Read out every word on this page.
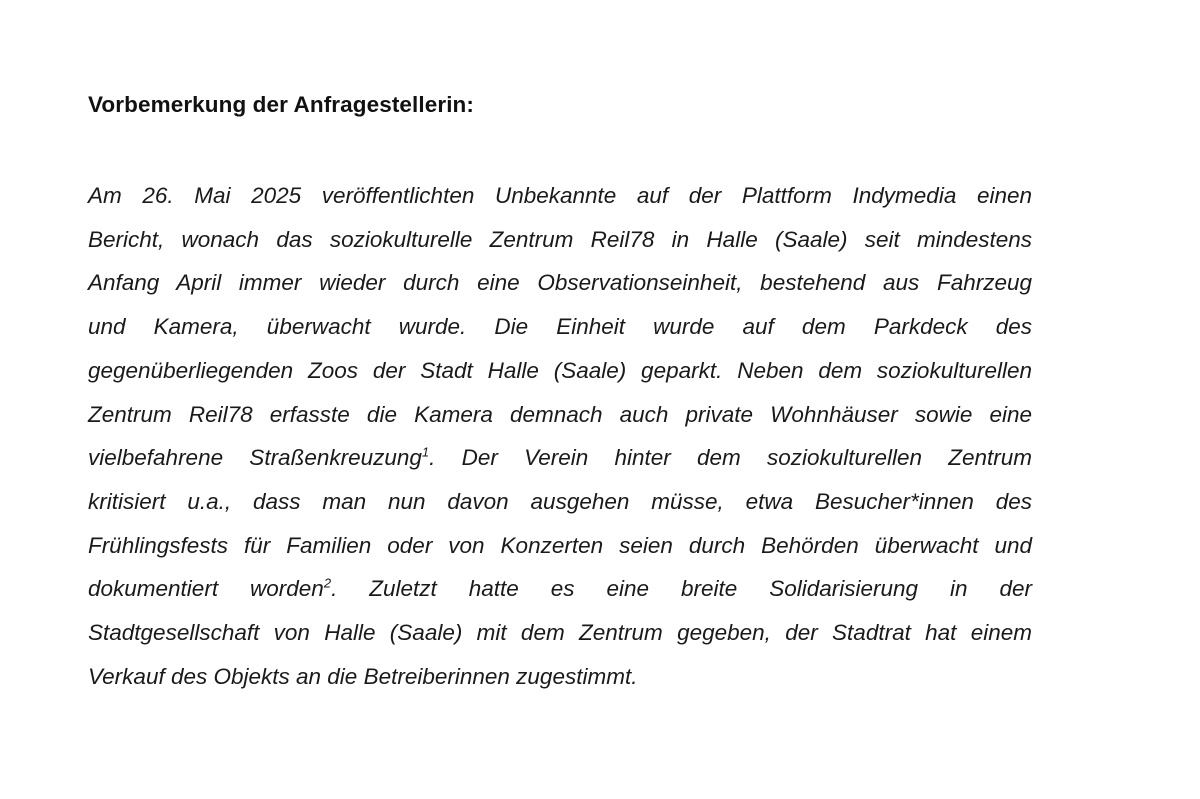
Vorbemerkung der Anfragestellerin:
Am 26. Mai 2025 veröffentlichten Unbekannte auf der Plattform Indymedia einen
Bericht, wonach das soziokulturelle Zentrum Reil78 in Halle (Saale) seit mindestens
Anfang April immer wieder durch eine Observationseinheit, bestehend aus Fahrzeug
und Kamera, überwacht wurde. Die Einheit wurde auf dem Parkdeck des
gegenüberliegenden Zoos der Stadt Halle (Saale) geparkt. Neben dem soziokulturellen
Zentrum Reil78 erfasste die Kamera demnach auch private Wohnhäuser sowie eine
vielbefahrene Straßenkreuzung$^1$. Der Verein hinter dem soziokulturellen Zentrum
kritisiert u.a., dass man nun davon ausgehen müsse, etwa Besucher*innen des
Frühlingsfests für Familien oder von Konzerten seien durch Behörden überwacht und
dokumentiert worden$^2$. Zuletzt hatte es eine breite Solidarisierung in der
Stadtgesellschaft von Halle (Saale) mit dem Zentrum gegeben, der Stadtrat hat einem
Verkauf des Objekts an die Betreiberinnen zugestimmt.
